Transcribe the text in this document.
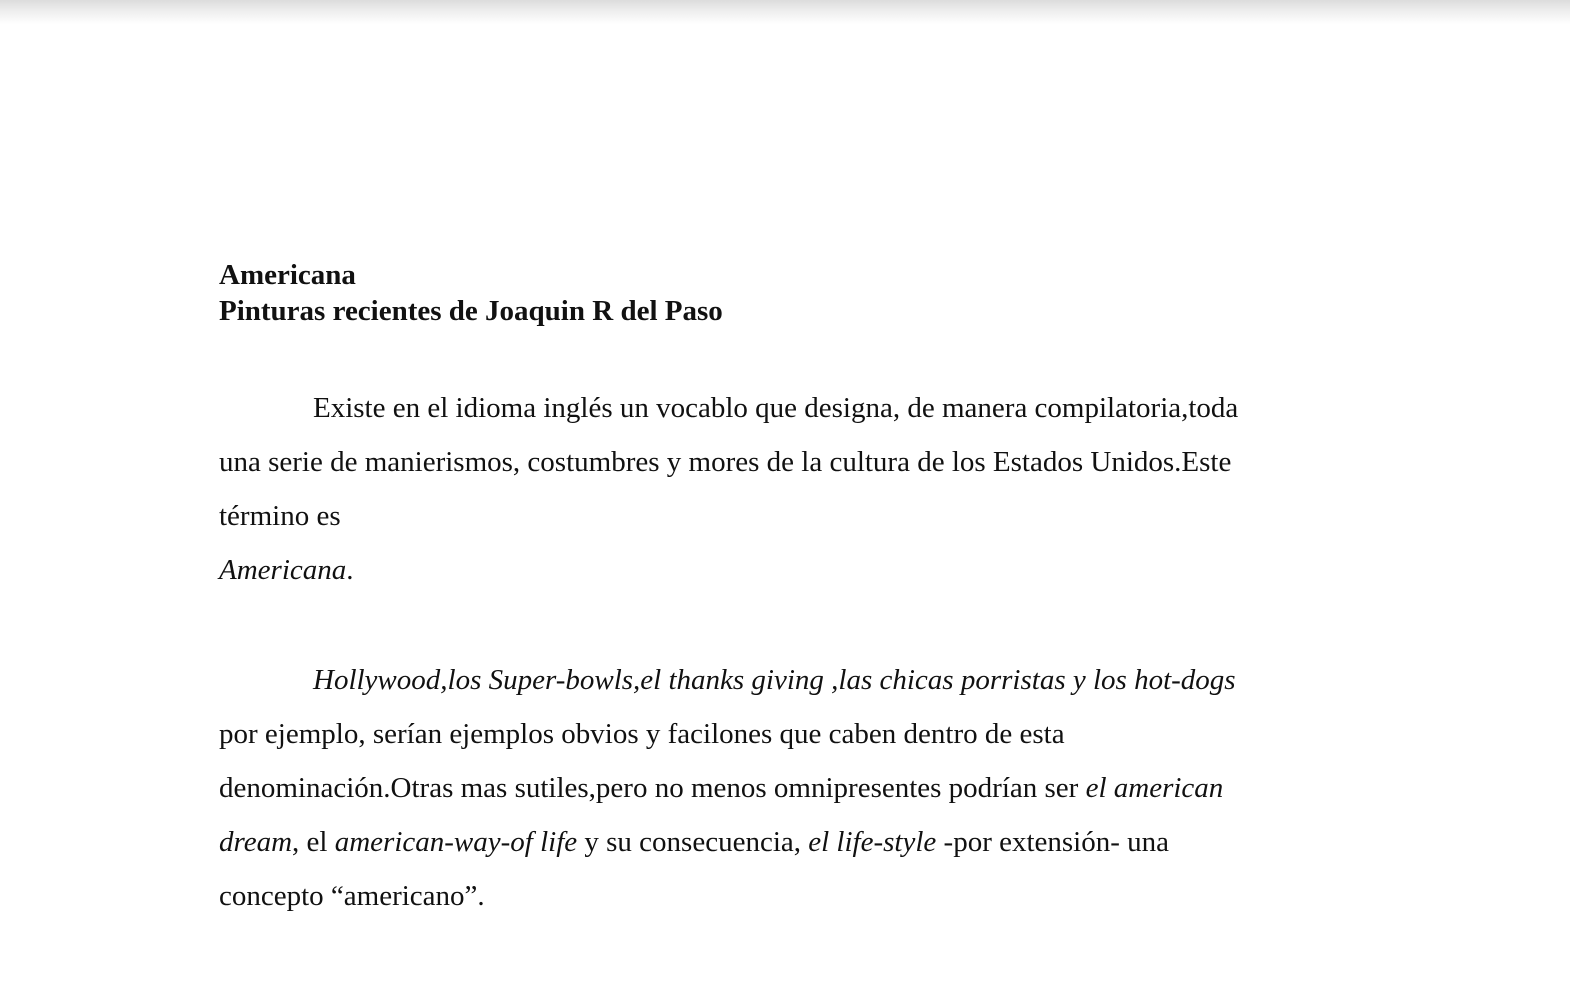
Americana

Pinturas recientes de Joaquin R del Paso

Existe en el idioma inglés un vocablo que designa, de manera compilatoria,toda

una serie de manierismos, costumbres y mores de la cultura de los Estados Unidos.Este

término es

Americana.

Hollywood,los Super-bowls,el thanks giving ,las chicas porristas y los hot-dogs

por ejemplo, serían ejemplos obvios y facilones que caben dentro de esta

denominación.Otras mas sutiles,pero no menos omnipresentes podrían ser el american

dream, el american-way-of life y su consecuencia, el life-style -por extensión- una

concepto “americano”.
